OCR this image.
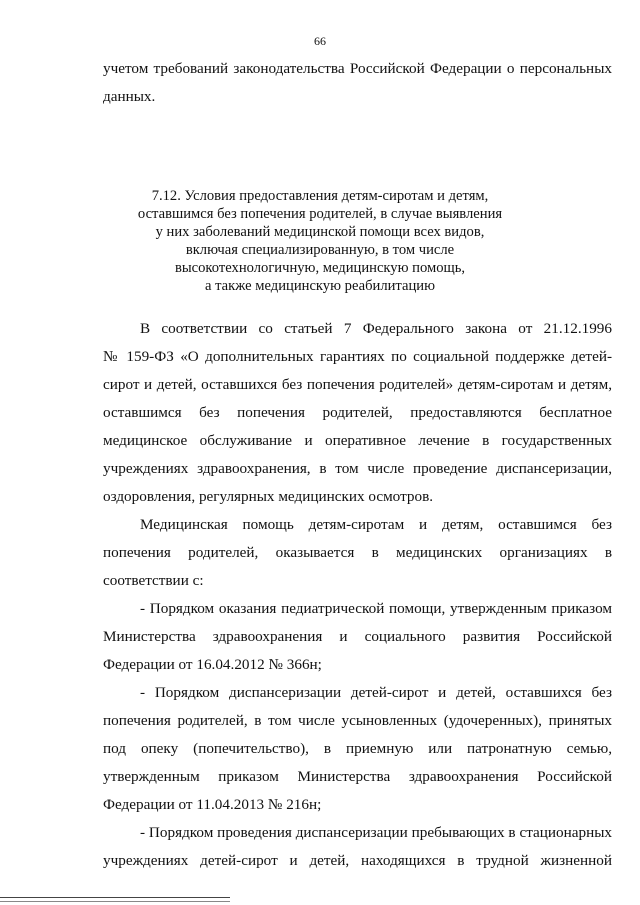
66
учетом требований законодательства Российской Федерации о персональных
данных.
7.12. Условия предоставления детям-сиротам и детям,
оставшимся без попечения родителей, в случае выявления
у них заболеваний медицинской помощи всех видов,
включая специализированную, в том числе
высокотехнологичную, медицинскую помощь,
а также медицинскую реабилитацию
В соответствии со статьей 7 Федерального закона от 21.12.1996
№ 159-ФЗ «О дополнительных гарантиях по социальной поддержке детей-
сирот и детей, оставшихся без попечения родителей» детям-сиротам и детям,
оставшимся без попечения родителей, предоставляются бесплатное
медицинское обслуживание и оперативное лечение в государственных
учреждениях здравоохранения, в том числе проведение диспансеризации,
оздоровления, регулярных медицинских осмотров.
Медицинская помощь детям-сиротам и детям, оставшимся без
попечения родителей, оказывается в медицинских организациях в
соответствии с:
- Порядком оказания педиатрической помощи, утвержденным приказом
Министерства здравоохранения и социального развития Российской
Федерации от 16.04.2012 № 366н;
- Порядком диспансеризации детей-сирот и детей, оставшихся без
попечения родителей, в том числе усыновленных (удочеренных), принятых
под опеку (попечительство), в приемную или патронатную семью,
утвержденным приказом Министерства здравоохранения Российской
Федерации от 11.04.2013 № 216н;
- Порядком проведения диспансеризации пребывающих в стационарных
учреждениях детей-сирот и детей, находящихся в трудной жизненной
